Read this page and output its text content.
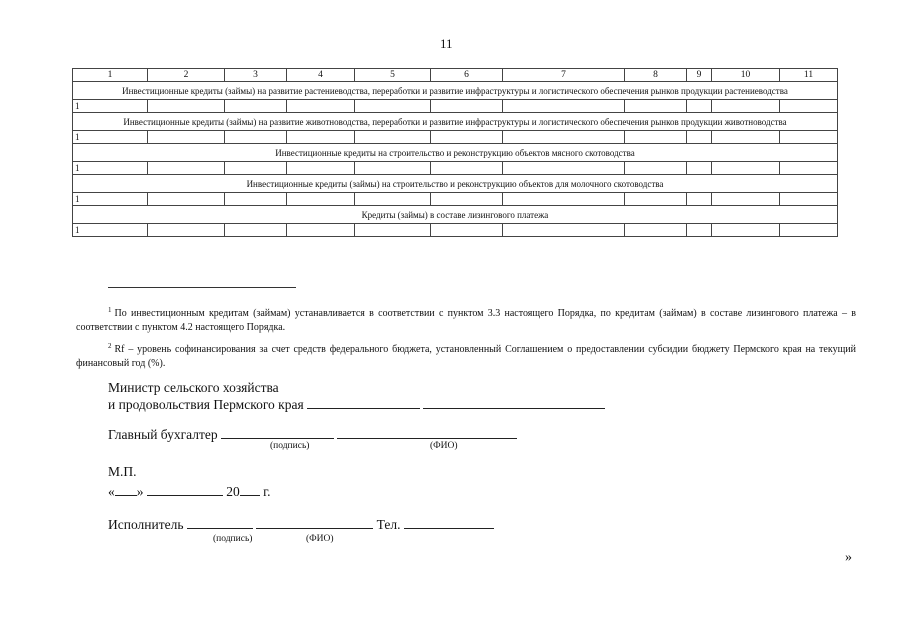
11
1	2	3	4	5	6	7	8	9	10	11
Инвестиционные кредиты (займы) на развитие растениеводства, переработки и развитие инфраструктуры и логистического обеспечения рынков продукции растениеводства										
1										
Инвестиционные кредиты (займы) на развитие животноводства, переработки и развитие инфраструктуры и логистического обеспечения рынков продукции животноводства										
1										
Инвестиционные кредиты на строительство и реконструкцию объектов мясного скотоводства										
1										
Инвестиционные кредиты (займы) на строительство и реконструкцию объектов для молочного скотоводства										
1										
Кредиты (займы) в составе лизингового платежа										
1										
$^1$ По инвестиционным кредитам (займам) устанавливается в соответствии с пунктом 3.3 настоящего Порядка, по кредитам (займам) в составе лизингового платежа – в соответствии с пунктом 4.2 настоящего Порядка.
$^2$ Rf – уровень софинансирования за счет средств федерального бюджета, установленный Соглашением о предоставлении субсидии бюджету Пермского края на текущий финансовый год (%).
Министр сельского хозяйства
и продовольствия Пермского края
Главный бухгалтер
(подпись)	(ФИО)
М.П.
« »	20 г.
Исполнитель	Тел.
(подпись)	(ФИО)
»
